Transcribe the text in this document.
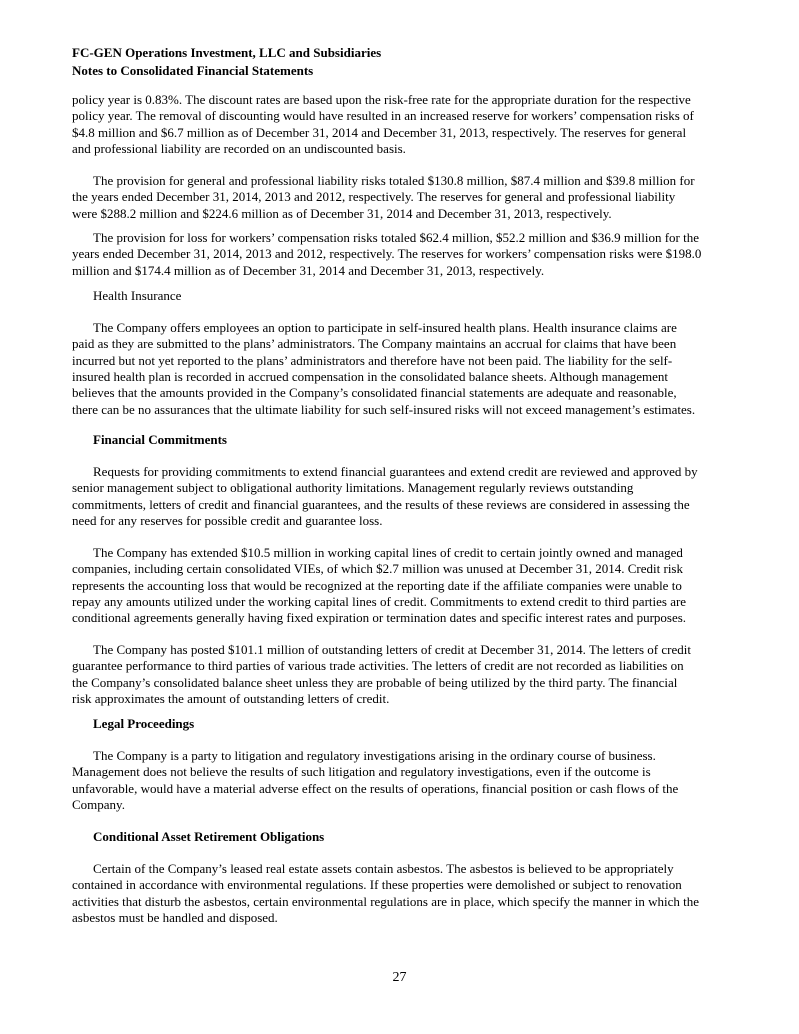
FC-GEN Operations Investment, LLC and Subsidiaries
Notes to Consolidated Financial Statements
policy year is 0.83%. The discount rates are based upon the risk-free rate for the appropriate duration for the respective
policy year. The removal of discounting would have resulted in an increased reserve for workers’ compensation risks of
$4.8 million and $6.7 million as of December 31, 2014 and December 31, 2013, respectively. The reserves for general
and professional liability are recorded on an undiscounted basis.
The provision for general and professional liability risks totaled $130.8 million, $87.4 million and $39.8 million for
the years ended December 31, 2014, 2013 and 2012, respectively. The reserves for general and professional liability
were $288.2 million and $224.6 million as of December 31, 2014 and December 31, 2013, respectively.
The provision for loss for workers’ compensation risks totaled $62.4 million, $52.2 million and $36.9 million for the
years ended December 31, 2014, 2013 and 2012, respectively. The reserves for workers’ compensation risks were $198.0
million and $174.4 million as of December 31, 2014 and December 31, 2013, respectively.
Health Insurance
The Company offers employees an option to participate in self-insured health plans. Health insurance claims are
paid as they are submitted to the plans’ administrators. The Company maintains an accrual for claims that have been
incurred but not yet reported to the plans’ administrators and therefore have not been paid. The liability for the self-
insured health plan is recorded in accrued compensation in the consolidated balance sheets. Although management
believes that the amounts provided in the Company’s consolidated financial statements are adequate and reasonable,
there can be no assurances that the ultimate liability for such self-insured risks will not exceed management’s estimates.
Financial Commitments
Requests for providing commitments to extend financial guarantees and extend credit are reviewed and approved by
senior management subject to obligational authority limitations. Management regularly reviews outstanding
commitments, letters of credit and financial guarantees, and the results of these reviews are considered in assessing the
need for any reserves for possible credit and guarantee loss.
The Company has extended $10.5 million in working capital lines of credit to certain jointly owned and managed
companies, including certain consolidated VIEs, of which $2.7 million was unused at December 31, 2014. Credit risk
represents the accounting loss that would be recognized at the reporting date if the affiliate companies were unable to
repay any amounts utilized under the working capital lines of credit. Commitments to extend credit to third parties are
conditional agreements generally having fixed expiration or termination dates and specific interest rates and purposes.
The Company has posted $101.1 million of outstanding letters of credit at December 31, 2014. The letters of credit
guarantee performance to third parties of various trade activities. The letters of credit are not recorded as liabilities on
the Company’s consolidated balance sheet unless they are probable of being utilized by the third party. The financial
risk approximates the amount of outstanding letters of credit.
Legal Proceedings
The Company is a party to litigation and regulatory investigations arising in the ordinary course of business.
Management does not believe the results of such litigation and regulatory investigations, even if the outcome is
unfavorable, would have a material adverse effect on the results of operations, financial position or cash flows of the
Company.
Conditional Asset Retirement Obligations
Certain of the Company’s leased real estate assets contain asbestos. The asbestos is believed to be appropriately
contained in accordance with environmental regulations. If these properties were demolished or subject to renovation
activities that disturb the asbestos, certain environmental regulations are in place, which specify the manner in which the
asbestos must be handled and disposed.
27
